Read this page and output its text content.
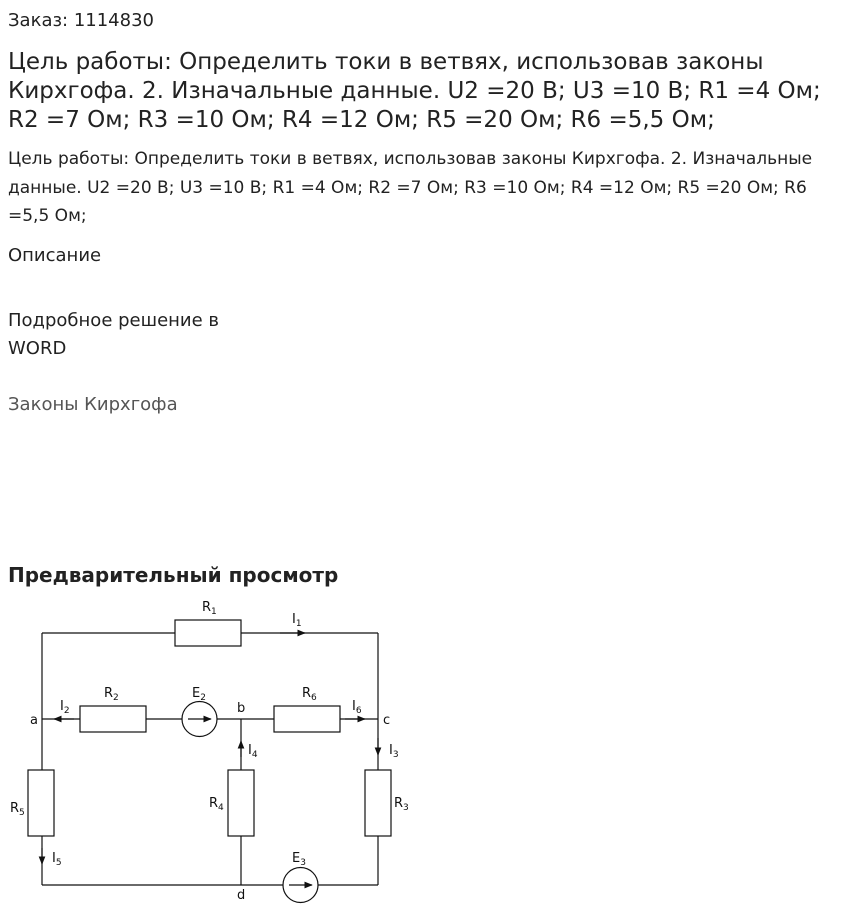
Заказ: 1114830
Цель работы: Определить токи в ветвях, использовав законы Кирхгофа. 2. Изначальные данные. U2 =20 В; U3 =10 В; R1 =4 Ом; R2 =7 Ом; R3 =10 Ом; R4 =12 Ом; R5 =20 Ом; R6 =5,5 Ом;
Цель работы: Определить токи в ветвях, использовав законы Кирхгофа. 2. Изначальные данные. U2 =20 В; U3 =10 В; R1 =4 Ом; R2 =7 Ом; R3 =10 Ом; R4 =12 Ом; R5 =20 Ом; R6 =5,5 Ом;
Описание
Подробное решение в WORD
Законы Кирхгофа
Предварительный просмотр
a
b
c
d
$R_1$
$R_2$	$R_6$
$R_5$
$R_4$	$R_3$
$E_2$
$E_3$
$I_1$
$I_2$	$I_6$
$I_3$
$I_4$
$I_5$
